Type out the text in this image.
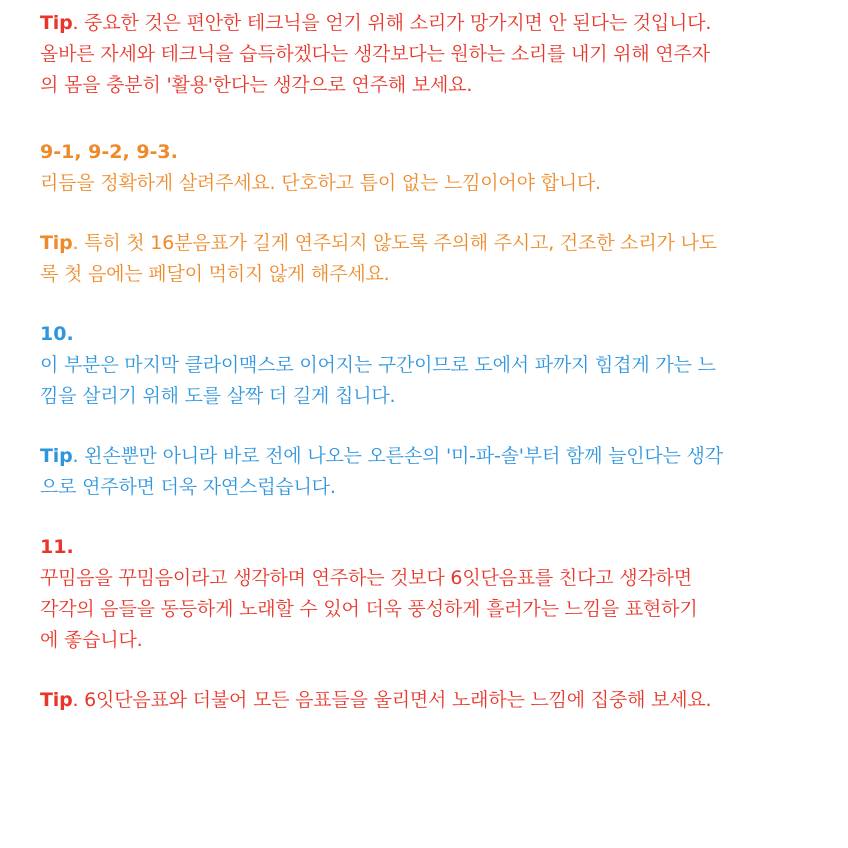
Tip. 중요한 것은 편안한 테크닉을 얻기 위해 소리가 망가지면 안 된다는 것입니다.
올바른 자세와 테크닉을 습득하겠다는 생각보다는 원하는 소리를 내기 위해 연주자
의 몸을 충분히 '활용'한다는 생각으로 연주해 보세요.
9-1, 9-2, 9-3.
리듬을 정확하게 살려주세요. 단호하고 틈이 없는 느낌이어야 합니다.
Tip. 특히 첫 16분음표가 길게 연주되지 않도록 주의해 주시고, 건조한 소리가 나도
록 첫 음에는 페달이 먹히지 않게 해주세요.
10.
이 부분은 마지막 클라이맥스로 이어지는 구간이므로 도에서 파까지 힘겹게 가는 느
낌을 살리기 위해 도를 살짝 더 길게 칩니다.
Tip. 왼손뿐만 아니라 바로 전에 나오는 오른손의 '미-파-솔'부터 함께 늘인다는 생각
으로 연주하면 더욱 자연스럽습니다.
11.
꾸밈음을 꾸밈음이라고 생각하며 연주하는 것보다 6잇단음표를 친다고 생각하면
각각의 음들을 동등하게 노래할 수 있어 더욱 풍성하게 흘러가는 느낌을 표현하기
에 좋습니다.
Tip. 6잇단음표와 더불어 모든 음표들을 울리면서 노래하는 느낌에 집중해 보세요.
